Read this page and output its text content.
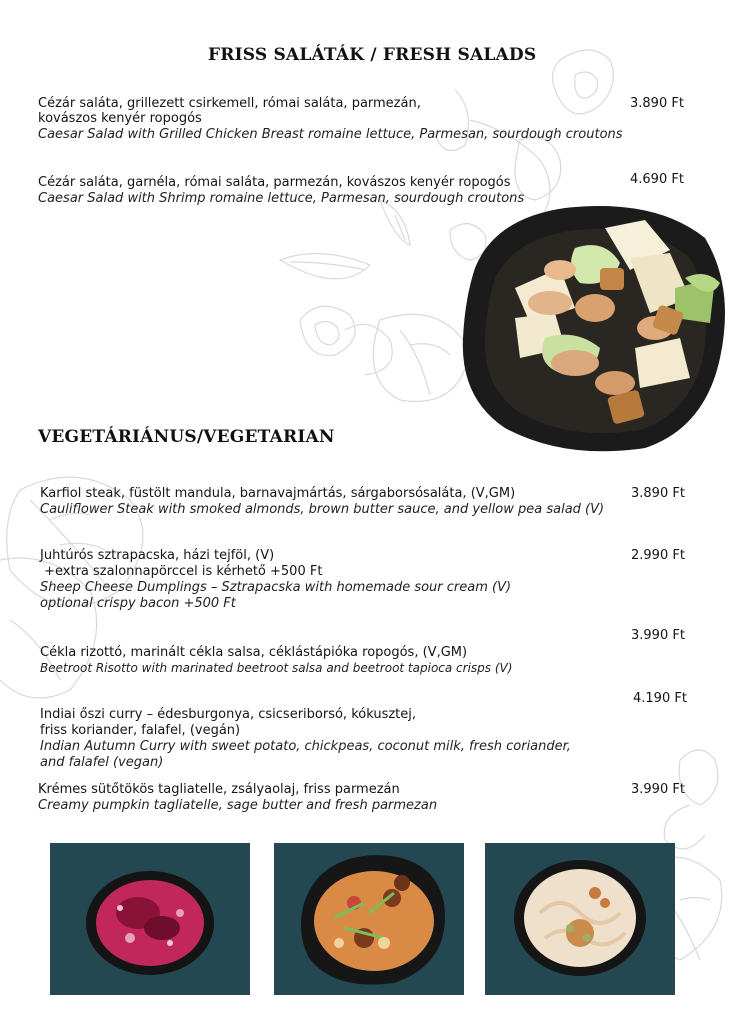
FRISS SALÁTÁK / FRESH SALADS
Cézár saláta, grillezett csirkemell, római saláta, parmezán,
kovászos kenyér ropogós
Caesar Salad with Grilled Chicken Breast romaine lettuce, Parmesan, sourdough croutons
3.890 Ft
Cézár saláta, garnéla, római saláta, parmezán, kovászos kenyér ropogós
Caesar Salad with Shrimp romaine lettuce, Parmesan, sourdough croutons
4.690 Ft
VEGETÁRIÁNUS/VEGETARIAN
Karfiol steak, füstölt mandula, barnavajmártás, sárgaborsósaláta, (V,GM)
Cauliflower Steak with smoked almonds, brown butter sauce, and yellow pea salad (V)
3.890 Ft
Juhtúrós sztrapacska, házi tejföl, (V)
+extra szalonnapörccel is kérhető +500 Ft
Sheep Cheese Dumplings – Sztrapacska with homemade sour cream (V)
optional crispy bacon +500 Ft
2.990 Ft
3.990 Ft
Cékla rizottó, marinált cékla salsa, céklástápióka ropogós, (V,GM)
Beetroot Risotto with marinated beetroot salsa and beetroot tapioca crisps (V)
4.190 Ft
Indiai őszi curry – édesburgonya, csicseriborsó, kókusztej,
friss koriander, falafel, (vegán)
Indian Autumn Curry with sweet potato, chickpeas, coconut milk, fresh coriander,
and falafel (vegan)
Krémes sütőtökös tagliatelle, zsályaolaj, friss parmezán
Creamy pumpkin tagliatelle, sage butter and fresh parmezan
3.990 Ft
